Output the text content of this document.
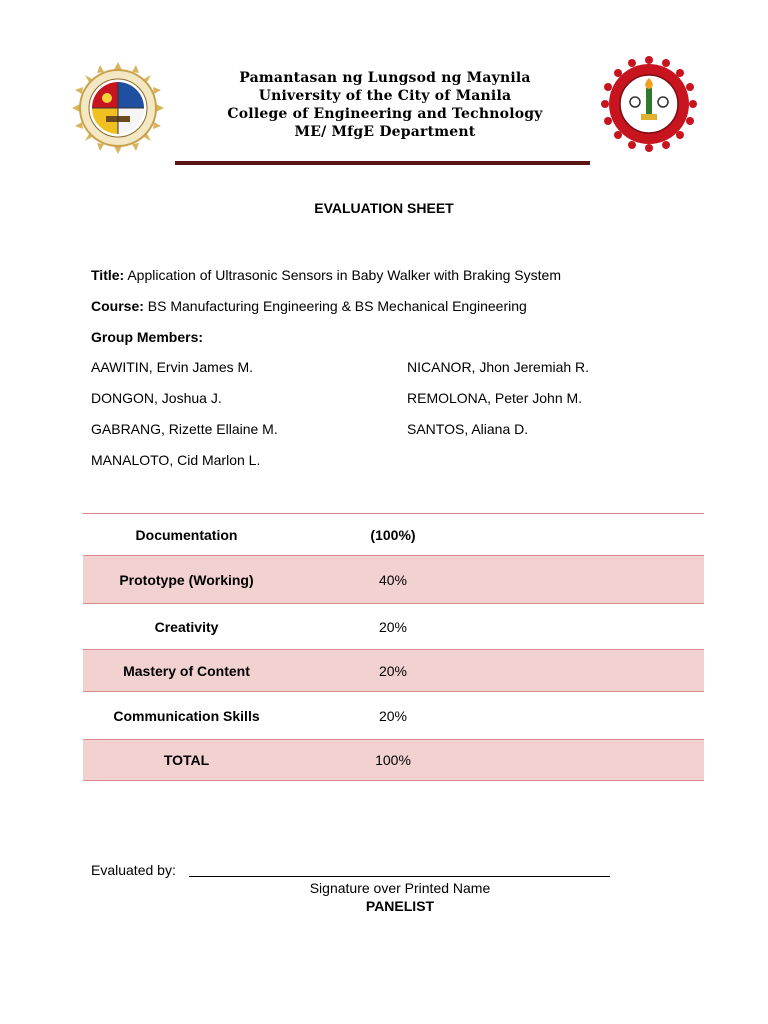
Pamantasan ng Lungsod ng Maynila
University of the City of Manila
College of Engineering and Technology
ME/ MfgE Department
EVALUATION SHEET
Title: Application of Ultrasonic Sensors in Baby Walker with Braking System
Course: BS Manufacturing Engineering & BS Mechanical Engineering
Group Members:
AAWITIN, Ervin James M.
DONGON, Joshua J.
GABRANG, Rizette Ellaine M.
MANALOTO, Cid Marlon L.
NICANOR, Jhon Jeremiah R.
REMOLONA, Peter John M.
SANTOS, Aliana D.
Documentation	(100%)	
Prototype (Working)	40%	
Creativity	20%	
Mastery of Content	20%	
Communication Skills	20%	
TOTAL	100%	
Evaluated by:
Signature over Printed Name
PANELIST
